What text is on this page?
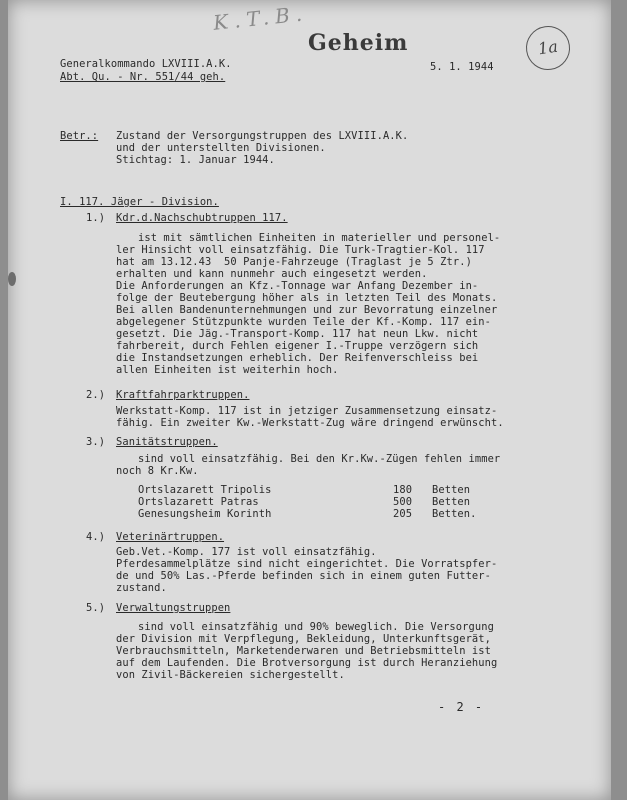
K.T.B.
Geheim	1a
Generalkommando LXVIII.A.K.	5. 1. 1944
Abt. Qu. - Nr. 551/44 geh.
Betr.: Zustand der Versorgungstruppen des LXVIII.A.K.
und der unterstellten Divisionen.
Stichtag: 1. Januar 1944.
I. 117. Jäger - Division.
1.) Kdr.d.Nachschubtruppen 117.
ist mit sämtlichen Einheiten in materieller und personel-
ler Hinsicht voll einsatzfähig. Die Turk-Tragtier-Kol. 117
hat am 13.12.43  50 Panje-Fahrzeuge (Traglast je 5 Ztr.)
erhalten und kann nunmehr auch eingesetzt werden.
Die Anforderungen an Kfz.-Tonnage war Anfang Dezember in-
folge der Beutebergung höher als in letzten Teil des Monats.
Bei allen Bandenunternehmungen und zur Bevorratung einzelner
abgelegener Stützpunkte wurden Teile der Kf.-Komp. 117 ein-
gesetzt. Die Jäg.-Transport-Komp. 117 hat neun Lkw. nicht
fahrbereit, durch Fehlen eigener I.-Truppe verzögern sich
die Instandsetzungen erheblich. Der Reifenverschleiss bei
allen Einheiten ist weiterhin hoch.
2.) Kraftfahrparktruppen.
Werkstatt-Komp. 117 ist in jetziger Zusammensetzung einsatz-
fähig. Ein zweiter Kw.-Werkstatt-Zug wäre dringend erwünscht.
3.) Sanitätstruppen.
sind voll einsatzfähig. Bei den Kr.Kw.-Zügen fehlen immer
noch 8 Kr.Kw.
Ortslazarett Tripolis	180 Betten
Ortslazarett Patras	500 Betten
Genesungsheim Korinth	205 Betten.
4.) Veterinärtruppen.
Geb.Vet.-Komp. 177 ist voll einsatzfähig.
Pferdesammelplätze sind nicht eingerichtet. Die Vorratspfer-
de und 50% Las.-Pferde befinden sich in einem guten Futter-
zustand.
5.) Verwaltungstruppen
sind voll einsatzfähig und 90% beweglich. Die Versorgung
der Division mit Verpflegung, Bekleidung, Unterkunftsgerät,
Verbrauchsmitteln, Marketenderwaren und Betriebsmitteln ist
auf dem Laufenden. Die Brotversorgung ist durch Heranziehung
von Zivil-Bäckereien sichergestellt.
- 2 -
